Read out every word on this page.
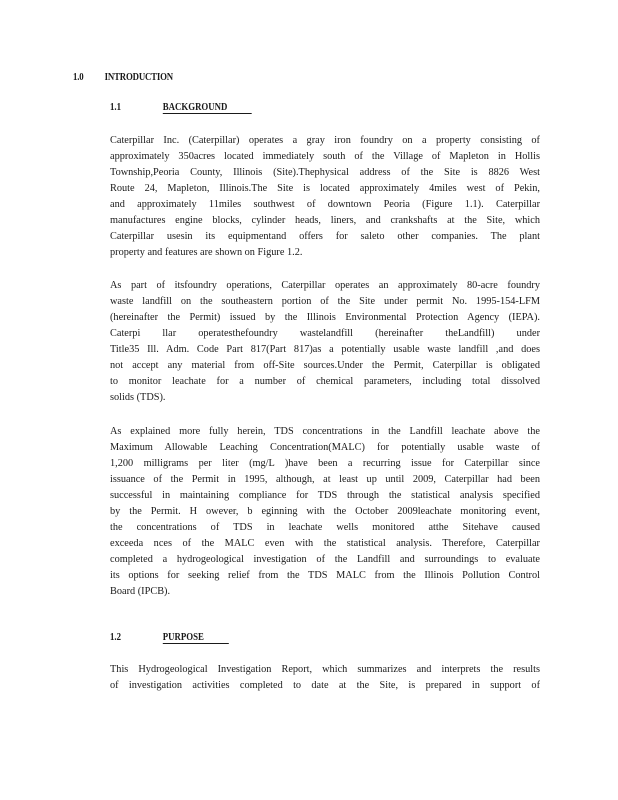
1.0 INTRODUCTION
1.1	BACKGROUND
Caterpillar Inc. (Caterpillar) operates a gray iron foundry on a property consisting of
approximately 350acres located immediately south of the Village of Mapleton in Hollis
Township,Peoria County, Illinois (Site).Thephysical address of the Site is 8826 West
Route 24, Mapleton, Illinois.The Site is located approximately 4miles west of Pekin,
and approximately 11miles southwest of downtown Peoria (Figure 1.1). Caterpillar
manufactures engine blocks, cylinder heads, liners, and crankshafts at the Site, which
Caterpillar usesin its equipmentand offers for saleto other companies. The plant
property and features are shown on Figure 1.2.
As part of itsfoundry operations, Caterpillar operates an approximately 80-acre foundry
waste landfill on the southeastern portion of the Site under permit No. 1995-154-LFM
(hereinafter the Permit) issued by the Illinois Environmental Protection Agency (IEPA).
Caterpi llar operatesthefoundry wastelandfill (hereinafter theLandfill) under
Title35 Ill. Adm. Code Part 817(Part 817)as a potentially usable waste landfill ,and does
not accept any material from off-Site sources.Under the Permit, Caterpillar is obligated
to monitor leachate for a number of chemical parameters, including total dissolved
solids (TDS).
As explained more fully herein, TDS concentrations in the Landfill leachate above the
Maximum Allowable Leaching Concentration(MALC) for potentially usable waste of
1,200 milligrams per liter (mg/L )have been a recurring issue for Caterpillar since
issuance of the Permit in 1995, although, at least up until 2009, Caterpillar had been
successful in maintaining compliance for TDS through the statistical analysis specified
by the Permit. H owever, b eginning with the October 2009leachate monitoring event,
the concentrations of TDS in leachate wells monitored atthe Sitehave caused
exceeda nces of the MALC even with the statistical analysis. Therefore, Caterpillar
completed a hydrogeological investigation of the Landfill and surroundings to evaluate
its options for seeking relief from the TDS MALC from the Illinois Pollution Control
Board (IPCB).
1.2	PURPOSE
This Hydrogeological Investigation Report, which summarizes and interprets the results
of investigation activities completed to date at the Site, is prepared in support of
